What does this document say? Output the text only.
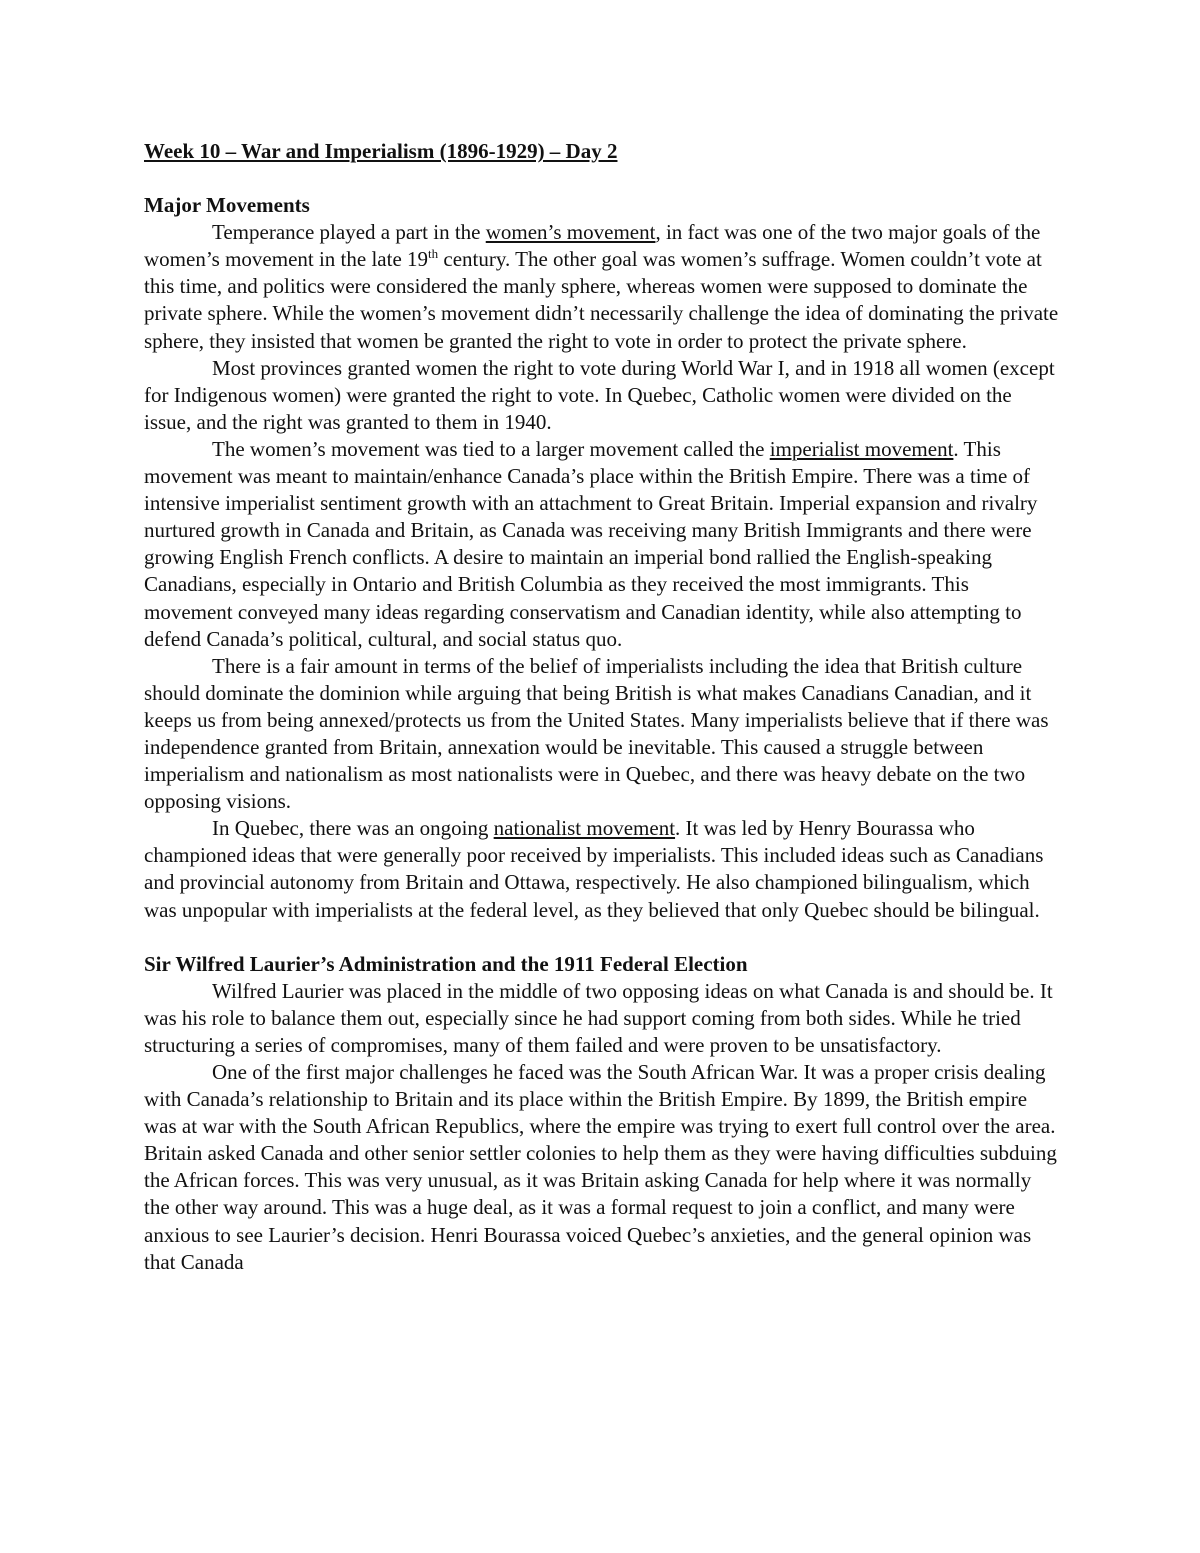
Week 10 – War and Imperialism (1896-1929) – Day 2
Major Movements

Temperance played a part in the women’s movement, in fact was one of the two major goals of the women’s movement in the late 19th century. The other goal was women’s suffrage. Women couldn’t vote at this time, and politics were considered the manly sphere, whereas women were supposed to dominate the private sphere. While the women’s movement didn’t necessarily challenge the idea of dominating the private sphere, they insisted that women be granted the right to vote in order to protect the private sphere.

Most provinces granted women the right to vote during World War I, and in 1918 all women (except for Indigenous women) were granted the right to vote. In Quebec, Catholic women were divided on the issue, and the right was granted to them in 1940.

The women’s movement was tied to a larger movement called the imperialist movement. This movement was meant to maintain/enhance Canada’s place within the British Empire. There was a time of intensive imperialist sentiment growth with an attachment to Great Britain. Imperial expansion and rivalry nurtured growth in Canada and Britain, as Canada was receiving many British Immigrants and there were growing English French conflicts. A desire to maintain an imperial bond rallied the English-speaking Canadians, especially in Ontario and British Columbia as they received the most immigrants. This movement conveyed many ideas regarding conservatism and Canadian identity, while also attempting to defend Canada’s political, cultural, and social status quo.

There is a fair amount in terms of the belief of imperialists including the idea that British culture should dominate the dominion while arguing that being British is what makes Canadians Canadian, and it keeps us from being annexed/protects us from the United States. Many imperialists believe that if there was independence granted from Britain, annexation would be inevitable. This caused a struggle between imperialism and nationalism as most nationalists were in Quebec, and there was heavy debate on the two opposing visions.

In Quebec, there was an ongoing nationalist movement. It was led by Henry Bourassa who championed ideas that were generally poor received by imperialists. This included ideas such as Canadians and provincial autonomy from Britain and Ottawa, respectively. He also championed bilingualism, which was unpopular with imperialists at the federal level, as they believed that only Quebec should be bilingual.

Sir Wilfred Laurier’s Administration and the 1911 Federal Election

Wilfred Laurier was placed in the middle of two opposing ideas on what Canada is and should be. It was his role to balance them out, especially since he had support coming from both sides. While he tried structuring a series of compromises, many of them failed and were proven to be unsatisfactory.

One of the first major challenges he faced was the South African War. It was a proper crisis dealing with Canada’s relationship to Britain and its place within the British Empire. By 1899, the British empire was at war with the South African Republics, where the empire was trying to exert full control over the area. Britain asked Canada and other senior settler colonies to help them as they were having difficulties subduing the African forces. This was very unusual, as it was Britain asking Canada for help where it was normally the other way around. This was a huge deal, as it was a formal request to join a conflict, and many were anxious to see Laurier’s decision. Henri Bourassa voiced Quebec’s anxieties, and the general opinion was that Canada
